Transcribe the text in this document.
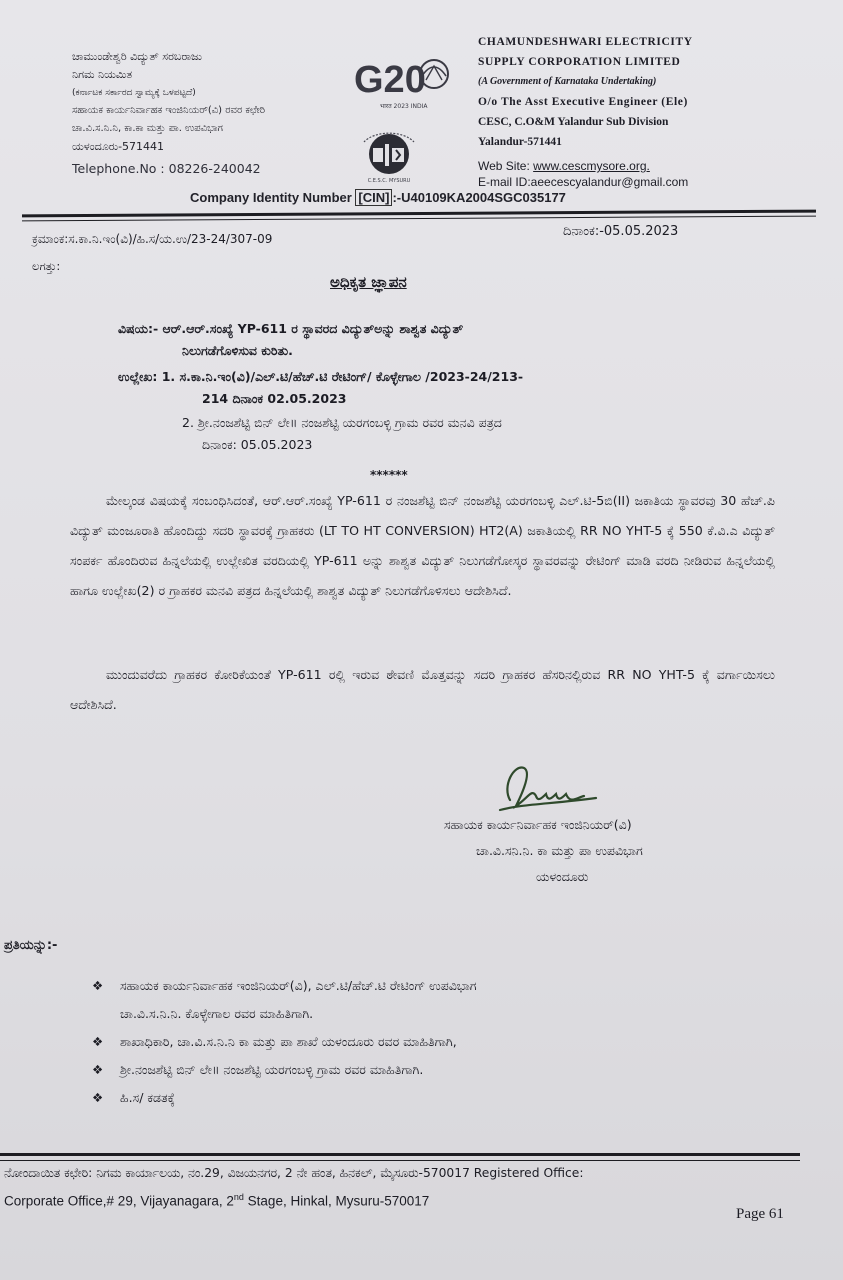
ಚಾಮುಂಡೇಶ್ವರಿ ವಿದ್ಯುತ್ ಸರಬರಾಜು
ನಿಗಮ ನಿಯಮಿತ
(ಕರ್ನಾಟಕ ಸರ್ಕಾರದ ಸ್ವಾಮ್ಯಕ್ಕೆ ಒಳಪಟ್ಟದೆ)
ಸಹಾಯಕ ಕಾರ್ಯನಿರ್ವಾಹಕ ಇಂಜಿನಿಯರ್(ವಿ) ರವರ ಕಛೇರಿ
ಚಾ.ವಿ.ಸ.ನಿ.ನಿ, ಕಾ.ಕಾ ಮತ್ತು ಪಾ. ಉಪವಿಭಾಗ
ಯಳಂದೂರು-571441
Telephone.No : 08226-240042
G20
भारत 2023 INDIA
C.E.S.C. MYSURU
CHAMUNDESHWARI ELECTRICITY
SUPPLY CORPORATION LIMITED
(A Government of Karnataka Undertaking)
O/o The Asst Executive Engineer (Ele)
CESC, C.O&M Yalandur Sub Division
Yalandur-571441
Web Site: www.cescmysore.org.
E-mail ID:aeecescyalandur@gmail.com
Company Identity Number [CIN] :-U40109KA2004SGC035177
ಕ್ರಮಾಂಕ:ಸ.ಕಾ.ನಿ.ಇಂ(ವಿ)/ಹಿ.ಸ/ಯ.ಉ/23-24/307-09
ಲಗತ್ತು:
ದಿನಾಂಕ:-05.05.2023
ಅಧಿಕೃತ ಜ್ಞಾಪನ
ವಿಷಯ:- ಆರ್.ಆರ್.ಸಂಖ್ಯೆ YP-611 ರ ಸ್ಥಾವರದ ವಿದ್ಯುತ್‌ಅನ್ನು ಶಾಶ್ವತ ವಿದ್ಯುತ್
ನಿಲುಗಡೆಗೊಳಿಸುವ ಕುರಿತು.
ಉಲ್ಲೇಖ: 1. ಸ.ಕಾ.ನಿ.ಇಂ(ವಿ)/ಎಲ್.ಟಿ/ಹೆಚ್.ಟಿ ರೇಟಿಂಗ್/ ಕೊಳ್ಳೇಗಾಲ /2023-24/213-
214 ದಿನಾಂಕ 02.05.2023
2. ಶ್ರೀ.ನಂಜಶೆಟ್ಟಿ ಬಿನ್ ಲೇ॥ ನಂಜಶೆಟ್ಟಿ ಯರಗಂಬಳ್ಳಿ ಗ್ರಾಮ ರವರ ಮನವಿ ಪತ್ರದ
ದಿನಾಂಕ: 05.05.2023
******
ಮೇಲ್ಕಂಡ ವಿಷಯಕ್ಕೆ ಸಂಬಂಧಿಸಿದಂತೆ, ಆರ್.ಆರ್.ಸಂಖ್ಯೆ YP-611 ರ ನಂಜಶೆಟ್ಟಿ ಬಿನ್ ನಂಜಶೆಟ್ಟಿ ಯರಗಂಬಳ್ಳಿ ಎಲ್.ಟಿ-5ಬಿ(II) ಜಕಾತಿಯ ಸ್ಥಾವರವು 30 ಹೆಚ್.ಪಿ ವಿದ್ಯುತ್ ಮಂಜೂರಾತಿ ಹೊಂದಿದ್ದು ಸದರಿ ಸ್ಥಾವರಕ್ಕೆ ಗ್ರಾಹಕರು (LT TO HT CONVERSION) HT2(A) ಜಕಾತಿಯಲ್ಲಿ RR NO YHT-5 ಕ್ಕೆ 550 ಕೆ.ವಿ.ಎ ವಿದ್ಯುತ್ ಸಂಪರ್ಕ ಹೊಂದಿರುವ ಹಿನ್ನಲೆಯಲ್ಲಿ ಉಲ್ಲೇಖಿತ ವರದಿಯಲ್ಲಿ YP-611 ಅನ್ನು ಶಾಶ್ವತ ವಿದ್ಯುತ್ ನಿಲುಗಡೆಗೋಸ್ಕರ ಸ್ಥಾವರವನ್ನು ರೇಟಿಂಗ್ ಮಾಡಿ ವರದಿ ನೀಡಿರುವ ಹಿನ್ನಲೆಯಲ್ಲಿ ಹಾಗೂ ಉಲ್ಲೇಖ(2) ರ ಗ್ರಾಹಕರ ಮನವಿ ಪತ್ರದ ಹಿನ್ನಲೆಯಲ್ಲಿ ಶಾಶ್ವತ ವಿದ್ಯುತ್ ನಿಲುಗಡೆಗೊಳಿಸಲು ಆದೇಶಿಸಿದೆ.
ಮುಂದುವರೆದು ಗ್ರಾಹಕರ ಕೋರಿಕೆಯಂತೆ YP-611 ರಲ್ಲಿ ಇರುವ ಠೇವಣಿ ಮೊತ್ತವನ್ನು ಸದರಿ ಗ್ರಾಹಕರ ಹೆಸರಿನಲ್ಲಿರುವ RR NO YHT-5 ಕ್ಕೆ ವರ್ಗಾಯಿಸಲು ಆದೇಶಿಸಿದೆ.
ಸಹಾಯಕ ಕಾರ್ಯನಿರ್ವಾಹಕ ಇಂಜಿನಿಯರ್(ವಿ)
ಚಾ.ವಿ.ಸನಿ.ನಿ. ಕಾ ಮತ್ತು ಪಾ ಉಪವಿಭಾಗ
ಯಳಂದೂರು
ಪ್ರತಿಯನ್ನು:-
❖	ಸಹಾಯಕ ಕಾರ್ಯನಿರ್ವಾಹಕ ಇಂಜಿನಿಯರ್(ವಿ), ಎಲ್.ಟಿ/ಹೆಚ್.ಟಿ ರೇಟಿಂಗ್ ಉಪವಿಭಾಗ
ಚಾ.ವಿ.ಸ.ನಿ.ನಿ. ಕೊಳ್ಳೇಗಾಲ ರವರ ಮಾಹಿತಿಗಾಗಿ.
❖	ಶಾಖಾಧಿಕಾರಿ, ಚಾ.ವಿ.ಸ.ನಿ.ನಿ ಕಾ ಮತ್ತು ಪಾ ಶಾಖೆ ಯಳಂದೂರು ರವರ ಮಾಹಿತಿಗಾಗಿ,
❖	ಶ್ರೀ.ನಂಜಶೆಟ್ಟಿ ಬಿನ್ ಲೇ॥ ನಂಜಶೆಟ್ಟಿ ಯರಗಂಬಳ್ಳಿ ಗ್ರಾಮ ರವರ ಮಾಹಿತಿಗಾಗಿ.
❖	ಹಿ.ಸ/ ಕಡತಕ್ಕೆ
ನೋಂದಾಯಿತ ಕಛೇರಿ: ನಿಗಮ ಕಾರ್ಯಾಲಯ, ನಂ.29, ವಿಜಯನಗರ, 2 ನೇ ಹಂತ, ಹಿನಕಲ್, ಮೈಸೂರು-570017 Registered Office:
Corporate Office,# 29, Vijayanagara, 2nd Stage, Hinkal, Mysuru-570017
Page 61
